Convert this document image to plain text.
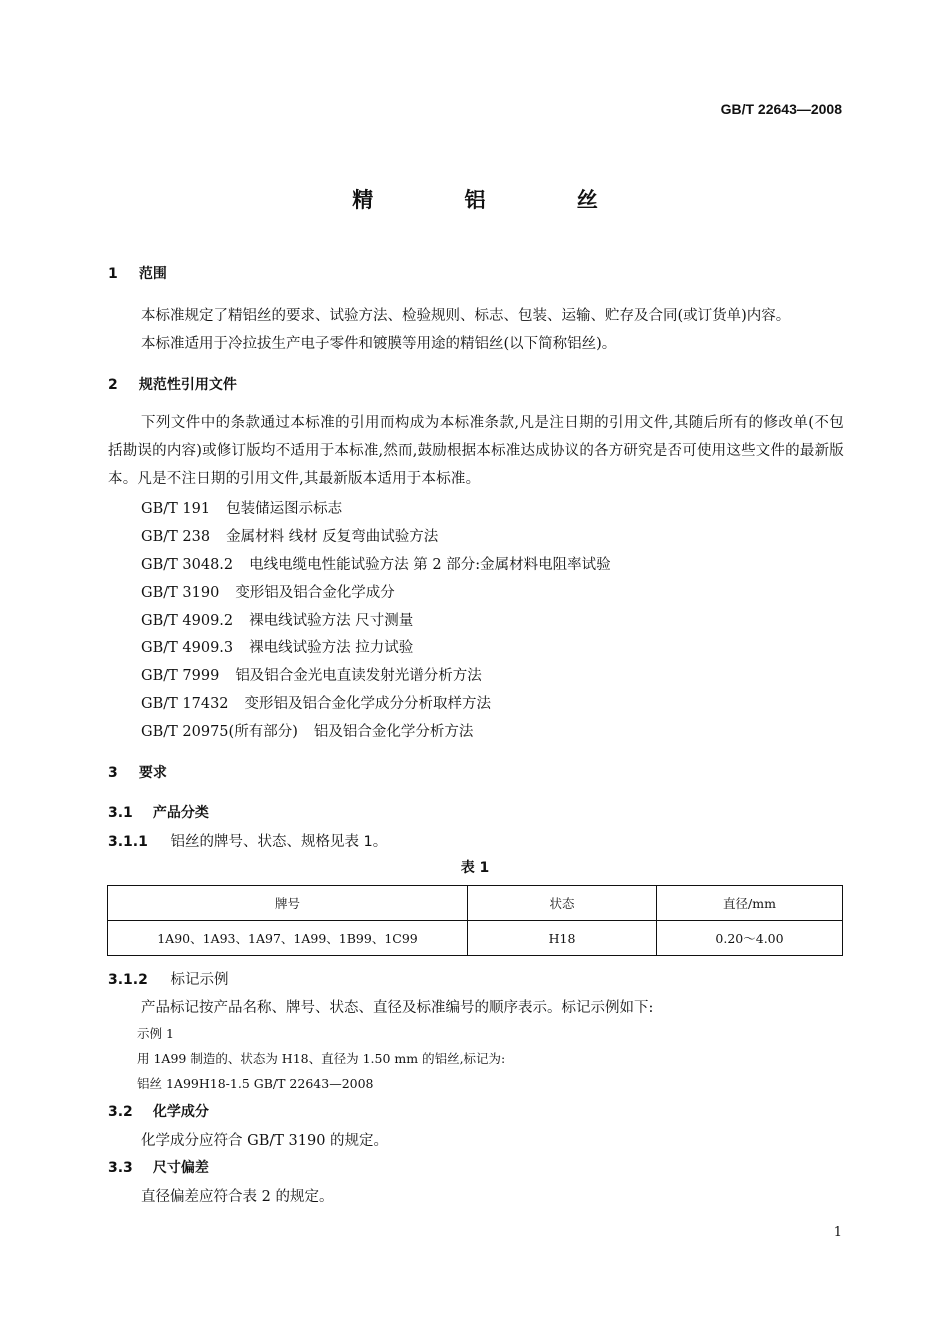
GB/T 22643—2008
精 铝 丝
1 范围
本标准规定了精铝丝的要求、试验方法、检验规则、标志、包装、运输、贮存及合同(或订货单)内容。
本标准适用于冷拉拔生产电子零件和镀膜等用途的精铝丝(以下简称铝丝)。
2 规范性引用文件
下列文件中的条款通过本标准的引用而构成为本标准条款,凡是注日期的引用文件,其随后所有的修改单(不包括勘误的内容)或修订版均不适用于本标准,然而,鼓励根据本标准达成协议的各方研究是否可使用这些文件的最新版本。凡是不注日期的引用文件,其最新版本适用于本标准。
GB/T 191 包装储运图示标志
GB/T 238 金属材料 线材 反复弯曲试验方法
GB/T 3048.2 电线电缆电性能试验方法 第 2 部分:金属材料电阻率试验
GB/T 3190 变形铝及铝合金化学成分
GB/T 4909.2 裸电线试验方法 尺寸测量
GB/T 4909.3 裸电线试验方法 拉力试验
GB/T 7999 铝及铝合金光电直读发射光谱分析方法
GB/T 17432 变形铝及铝合金化学成分分析取样方法
GB/T 20975(所有部分) 铝及铝合金化学分析方法
3 要求
3.1 产品分类
3.1.1 铝丝的牌号、状态、规格见表 1。
表 1
牌号	状态	直径/mm
1A90、1A93、1A97、1A99、1B99、1C99	H18	0.20～4.00
3.1.2 标记示例
产品标记按产品名称、牌号、状态、直径及标准编号的顺序表示。标记示例如下:
示例 1
用 1A99 制造的、状态为 H18、直径为 1.50 mm 的铝丝,标记为:
铝丝 1A99H18-1.5 GB/T 22643—2008
3.2 化学成分
化学成分应符合 GB/T 3190 的规定。
3.3 尺寸偏差
直径偏差应符合表 2 的规定。
1
